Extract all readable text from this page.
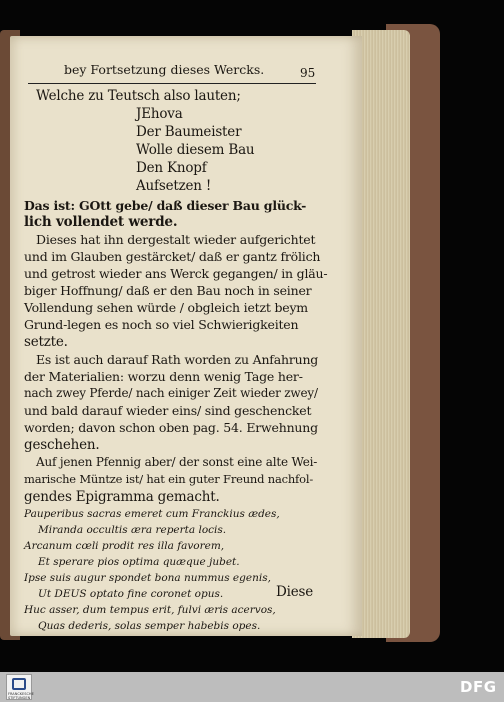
bey Fortsetzung dieses Wercks.	95
Welche zu Teutsch also lauten;
JEhova
Der Baumeister
Wolle diesem Bau
Den Knopf
Aufsetzen !
Das ist: GOtt gebe/ daß dieser Bau glück-
lich vollendet werde.
Dieses hat ihn dergestalt wieder aufgerichtet
und im Glauben gestärcket/ daß er gantz frölich
und getrost wieder ans Werck gegangen/ in gläu-
biger Hoffnung/ daß er den Bau noch in seiner
Vollendung sehen würde / obgleich ietzt beym
Grund-legen es noch so viel Schwierigkeiten
setzte.
Es ist auch darauf Rath worden zu Anfahrung
der Materialien: worzu denn wenig Tage her-
nach zwey Pferde/ nach einiger Zeit wieder zwey/
und bald darauf wieder eins/ sind geschencket
worden; davon schon oben pag. 54. Erwehnung
geschehen.
Auf jenen Pfennig aber/ der sonst eine alte Wei-
marische Müntze ist/ hat ein guter Freund nachfol-
gendes Epigramma gemacht.
Pauperibus sacras emeret cum Franckius ædes,
Miranda occultis æra reperta locis.
Arcanum cœli prodit res illa favorem,
Et sperare pios optima quæque jubet.
Ipse suis augur spondet bona nummus egenis,
Ut DEUS optato fine coronet opus.
Huc asser, dum tempus erit, fulvi æris acervos,
Quas dederis, solas semper habebis opes.
Diese
FRANCKESCHE STIFTUNGEN
DFG
